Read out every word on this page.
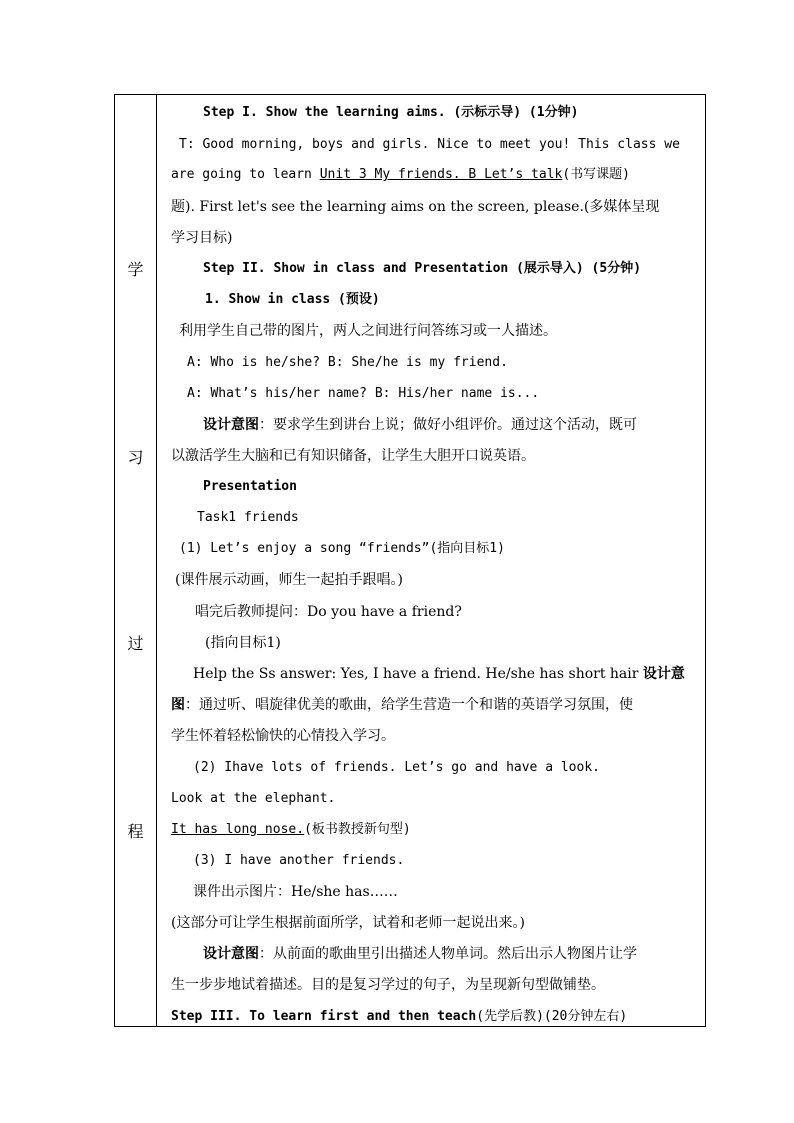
学
习
过
程
Step I. Show the learning aims. (示标示导) (1分钟)
T: Good morning, boys and girls. Nice to meet you! This class we
are going to learn Unit 3 My friends. B Let’s talk(书写课题)
题). First let's see the learning aims on the screen, please.(多媒体呈现
学习目标)
Step II. Show in class and Presentation (展示导入) (5分钟)
1. Show in class (预设)
利用学生自己带的图片，两人之间进行问答练习或一人描述。
A: Who is he/she? B: She/he is my friend.
A: What’s his/her name? B: His/her name is...
设计意图：要求学生到讲台上说；做好小组评价。通过这个活动，既可
以激活学生大脑和已有知识储备，让学生大胆开口说英语。
Presentation
Task1 friends
(1) Let’s enjoy a song “friends”(指向目标1)
(课件展示动画，师生一起拍手跟唱。)
唱完后教师提问：Do you have a friend?
(指向目标1)
Help the Ss answer: Yes, I have a friend. He/she has short hair 设计意
图：通过听、唱旋律优美的歌曲，给学生营造一个和谐的英语学习氛围，使
学生怀着轻松愉快的心情投入学习。
(2) Ihave lots of friends. Let’s go and have a look.
Look at the elephant.
It has long nose.(板书教授新句型)
(3) I have another friends.
课件出示图片：He/she has……
(这部分可让学生根据前面所学，试着和老师一起说出来。)
设计意图：从前面的歌曲里引出描述人物单词。然后出示人物图片让学
生一步步地试着描述。目的是复习学过的句子，为呈现新句型做铺垫。
Step III. To learn first and then teach(先学后教)(20分钟左右)
